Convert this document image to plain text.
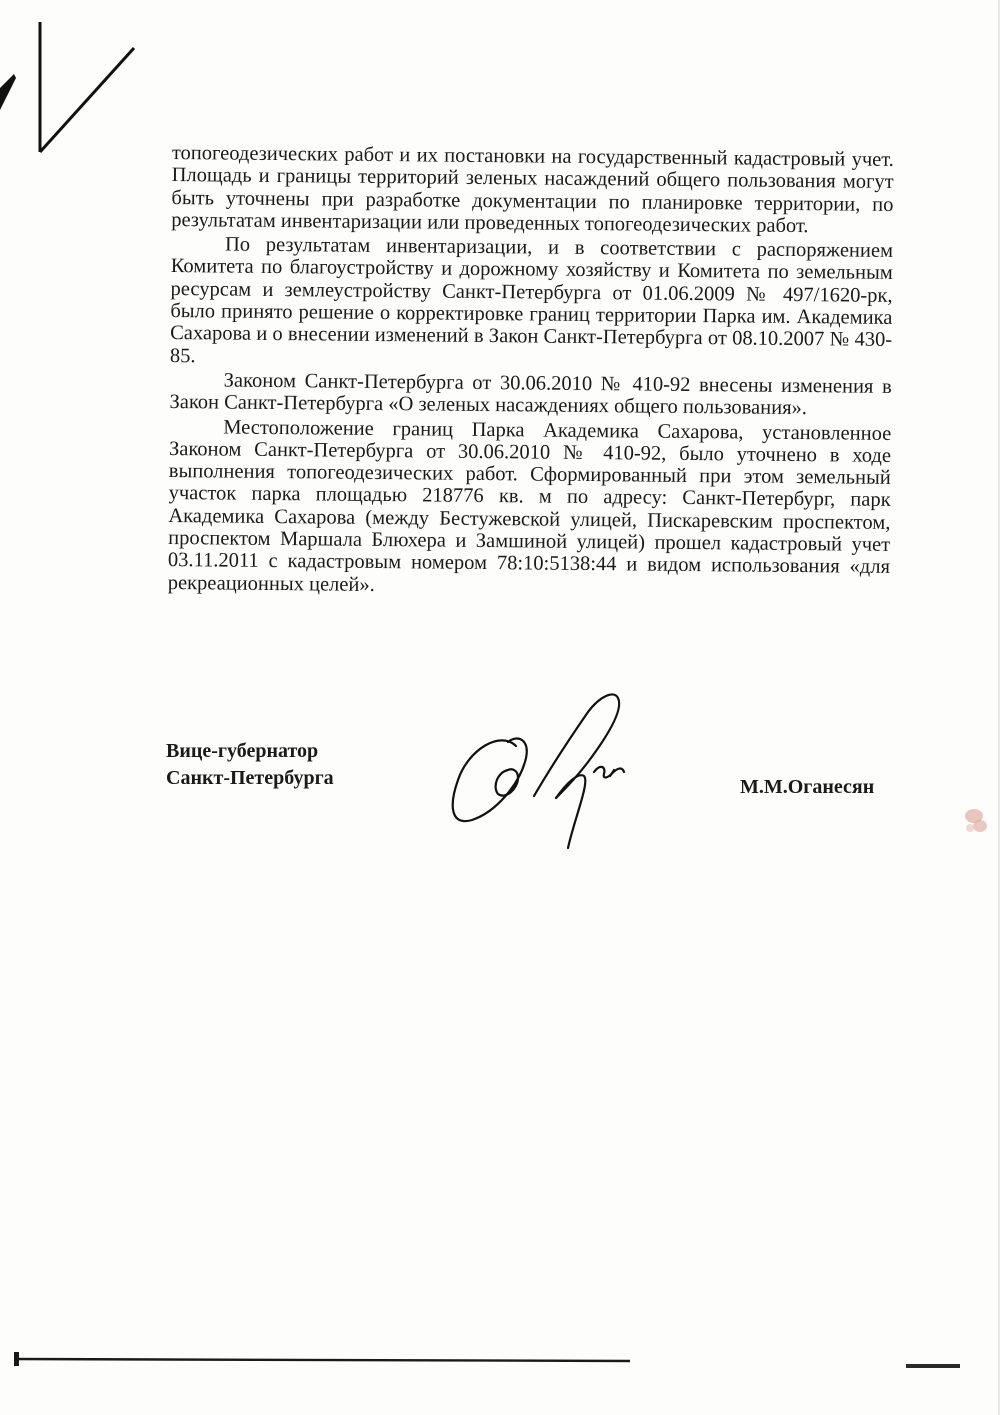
топогеодезических работ и их постановки на государственный кадастровый учет. Площадь и границы территорий зеленых насаждений общего пользования могут быть уточнены при разработке документации по планировке территории, по результатам инвентаризации или проведенных топогеодезических работ.

По результатам инвентаризации, и в соответствии с распоряжением Комитета по благоустройству и дорожному хозяйству и Комитета по земельным ресурсам и землеустройству Санкт-Петербурга от 01.06.2009 № 497/1620-рк, было принято решение о корректировке границ территории Парка им. Академика Сахарова и о внесении изменений в Закон Санкт-Петербурга от 08.10.2007 № 430-85.

Законом Санкт-Петербурга от 30.06.2010 № 410-92 внесены изменения в Закон Санкт-Петербурга «О зеленых насаждениях общего пользования».

Местоположение границ Парка Академика Сахарова, установленное Законом Санкт-Петербурга от 30.06.2010 № 410-92, было уточнено в ходе выполнения топогеодезических работ. Сформированный при этом земельный участок парка площадью 218776 кв. м по адресу: Санкт-Петербург, парк Академика Сахарова (между Бестужевской улицей, Пискаревским проспектом, проспектом Маршала Блюхера и Замшиной улицей) прошел кадастровый учет 03.11.2011 с кадастровым номером 78:10:5138:44 и видом использования «для рекреационных целей».

Вице-губернатор
Санкт-Петербурга	М.М.Оганесян
